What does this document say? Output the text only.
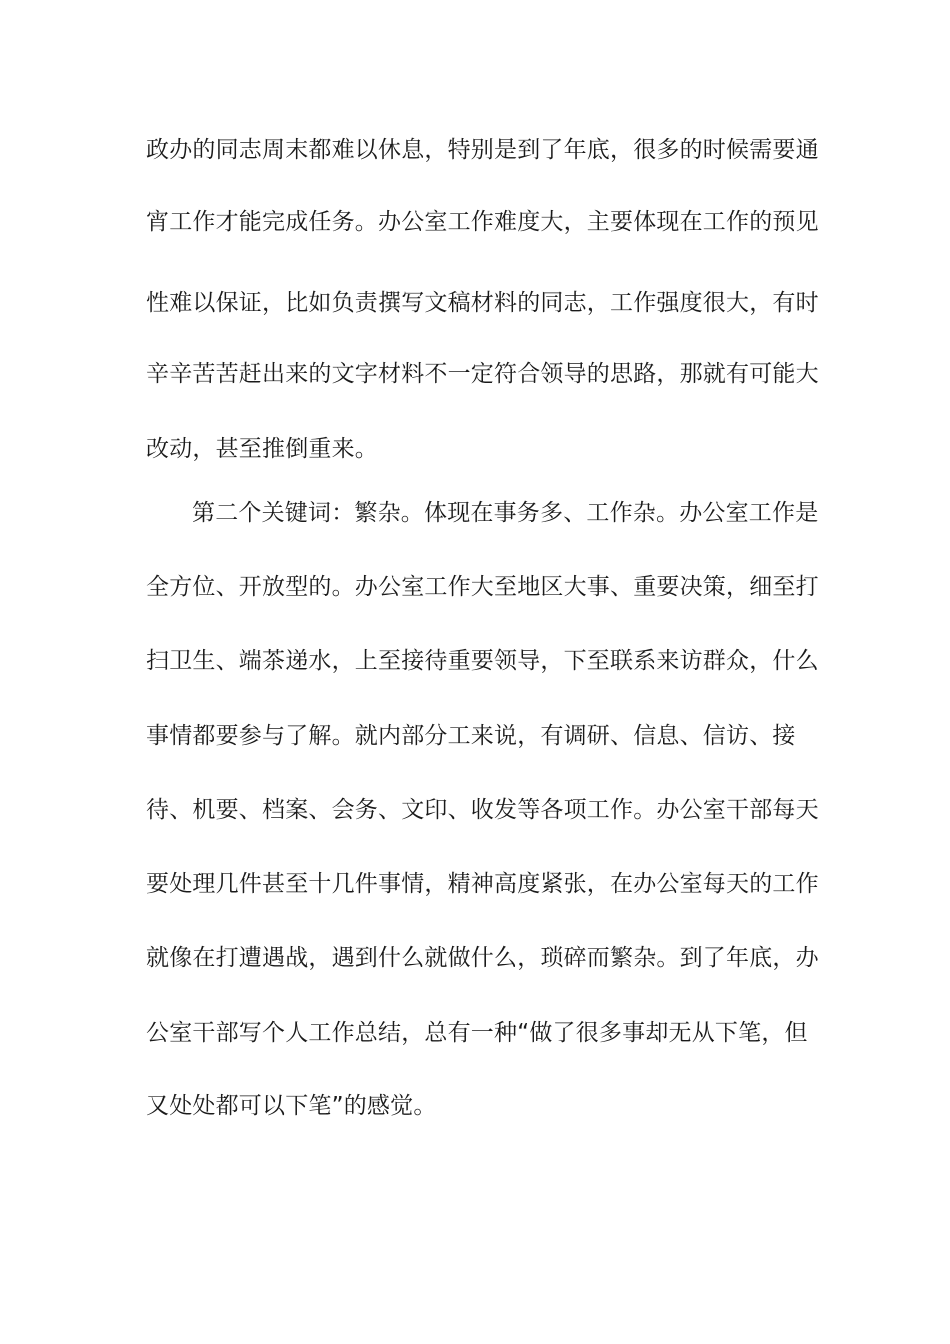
政办的同志周末都难以休息，特别是到了年底，很多的时候需要通
宵工作才能完成任务。办公室工作难度大，主要体现在工作的预见
性难以保证，比如负责撰写文稿材料的同志，工作强度很大，有时
辛辛苦苦赶出来的文字材料不一定符合领导的思路，那就有可能大
改动，甚至推倒重来。
第二个关键词：繁杂。体现在事务多、工作杂。办公室工作是
全方位、开放型的。办公室工作大至地区大事、重要决策，细至打
扫卫生、端茶递水，上至接待重要领导，下至联系来访群众，什么
事情都要参与了解。就内部分工来说，有调研、信息、信访、接
待、机要、档案、会务、文印、收发等各项工作。办公室干部每天
要处理几件甚至十几件事情，精神高度紧张，在办公室每天的工作
就像在打遭遇战，遇到什么就做什么，琐碎而繁杂。到了年底，办
公室干部写个人工作总结，总有一种“做了很多事却无从下笔，但
又处处都可以下笔”的感觉。
